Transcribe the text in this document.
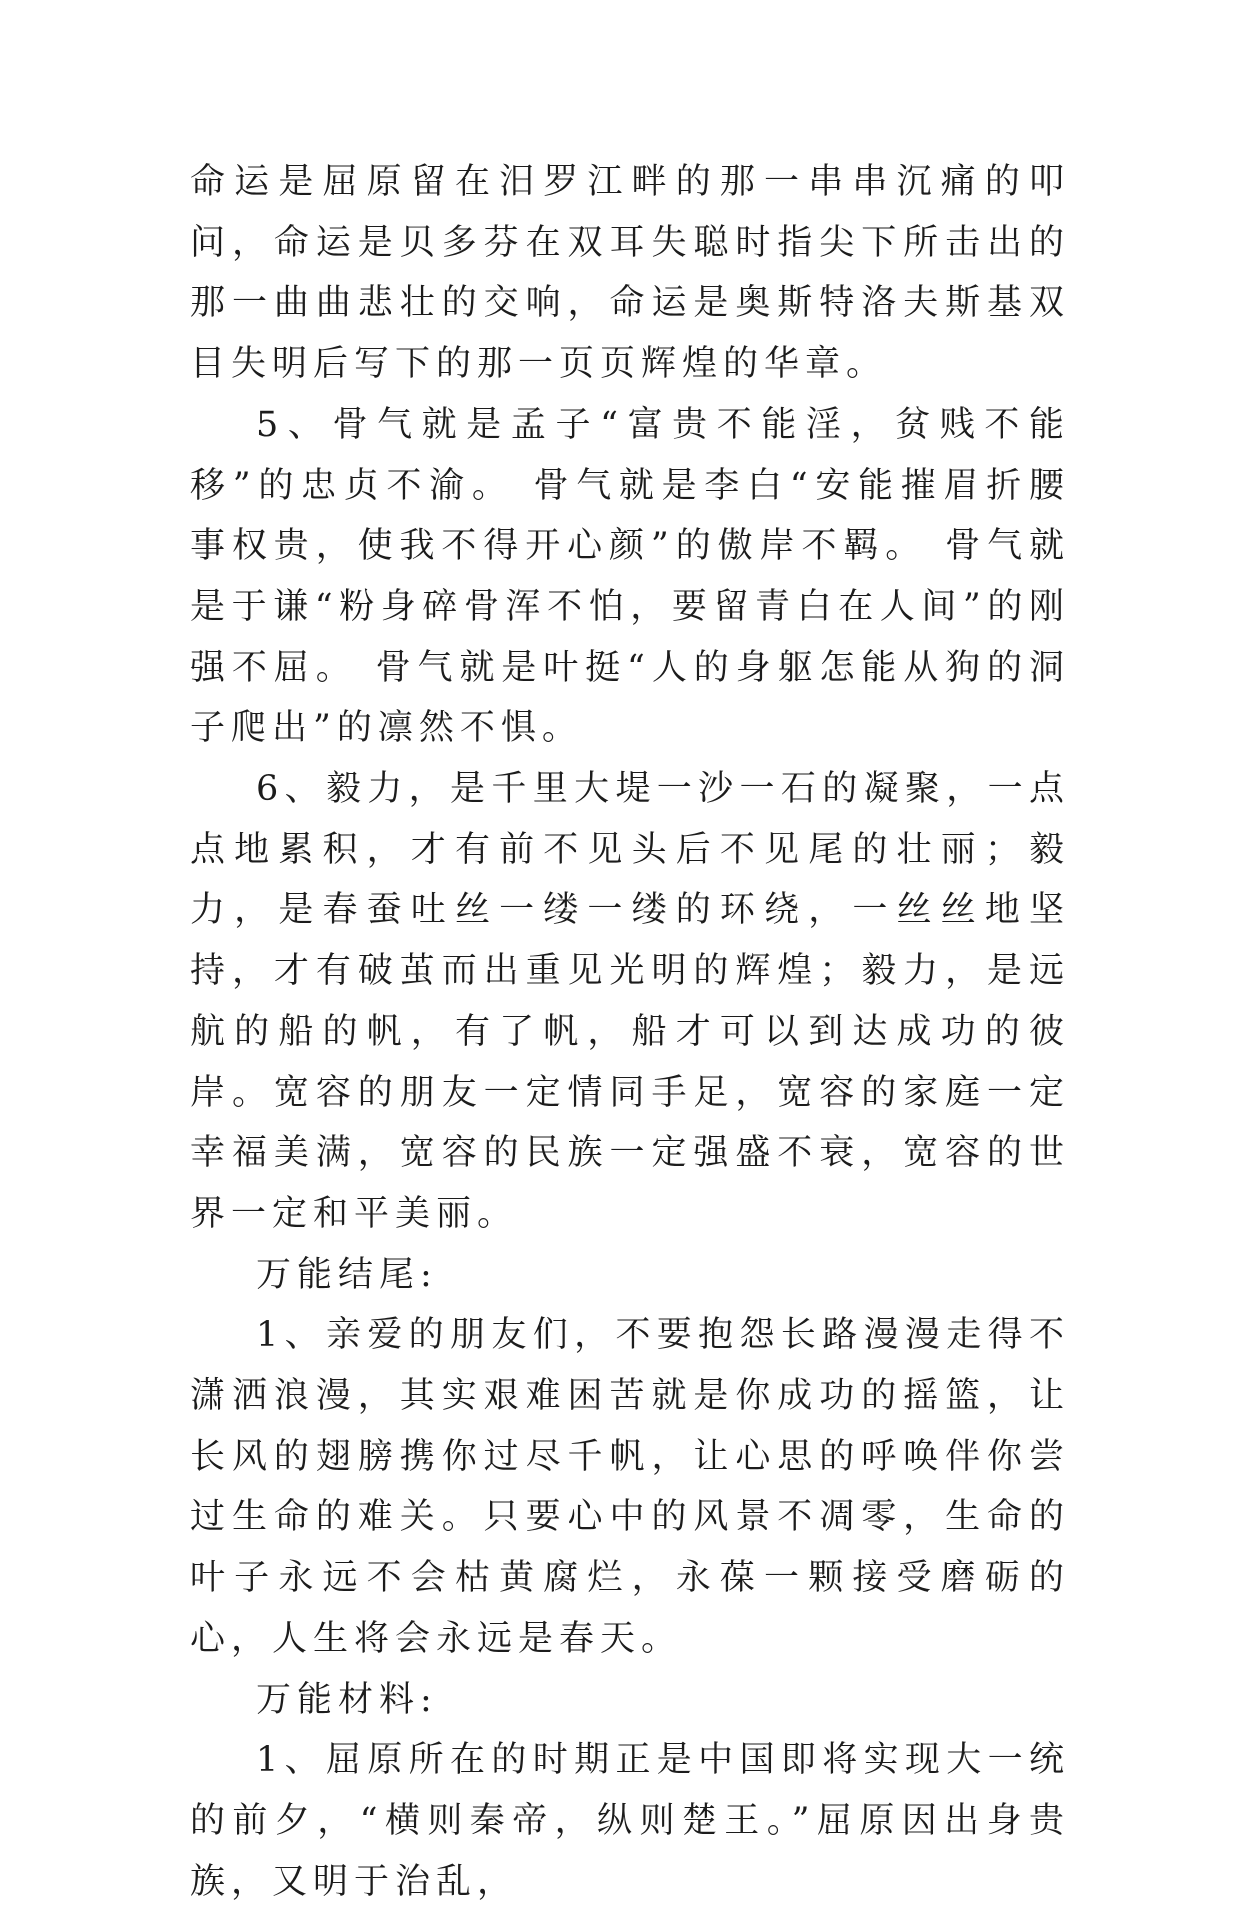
命运是屈原留在汨罗江畔的那一串串沉痛的叩问，命运是贝多芬在双耳失聪时指尖下所击出的那一曲曲悲壮的交响，命运是奥斯特洛夫斯基双目失明后写下的那一页页辉煌的华章。

5、骨气就是孟子“富贵不能淫，贫贱不能移”的忠贞不渝。 骨气就是李白“安能摧眉折腰事权贵，使我不得开心颜”的傲岸不羁。 骨气就是于谦“粉身碎骨浑不怕，要留青白在人间”的刚强不屈。 骨气就是叶挺“人的身躯怎能从狗的洞子爬出”的凛然不惧。

6、毅力，是千里大堤一沙一石的凝聚，一点点地累积，才有前不见头后不见尾的壮丽；毅力，是春蚕吐丝一缕一缕的环绕，一丝丝地坚持，才有破茧而出重见光明的辉煌；毅力，是远航的船的帆，有了帆，船才可以到达成功的彼岸。宽容的朋友一定情同手足，宽容的家庭一定幸福美满，宽容的民族一定强盛不衰，宽容的世界一定和平美丽。

万能结尾:

1、亲爱的朋友们，不要抱怨长路漫漫走得不潇洒浪漫，其实艰难困苦就是你成功的摇篮，让长风的翅膀携你过尽千帆，让心思的呼唤伴你尝过生命的难关。只要心中的风景不凋零，生命的叶子永远不会枯黄腐烂，永葆一颗接受磨砺的心，人生将会永远是春天。

万能材料:

1、屈原所在的时期正是中国即将实现大一统的前夕，“横则秦帝，纵则楚王。”屈原因出身贵族，又明于治乱，
